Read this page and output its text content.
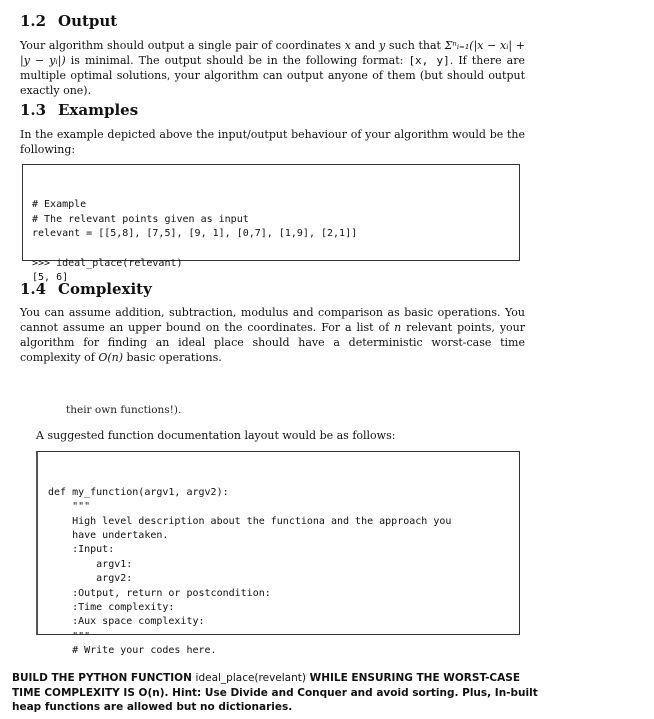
1.2 Output
Your algorithm should output a single pair of coordinates x and y such that Σⁿᵢ₌₁(|x − xᵢ| + |y − yᵢ|) is minimal. The output should be in the following format: [x, y]. If there are multiple optimal solutions, your algorithm can output anyone of them (but should output exactly one).
1.3 Examples
In the example depicted above the input/output behaviour of your algorithm would be the following:

# Example
# The relevant points given as input
relevant = [[5,8], [7,5], [9, 1], [0,7], [1,9], [2,1]]
>>> ideal_place(relevant)
[5, 6]

1.4 Complexity
You can assume addition, subtraction, modulus and comparison as basic operations. You cannot assume an upper bound on the coordinates. For a list of n relevant points, your algorithm for finding an ideal place should have a deterministic worst-case time complexity of O(n) basic operations.
their own functions!).
A suggested function documentation layout would be as follows:

def my_function(argv1, argv2):
"""
High level description about the functiona and the approach you
have undertaken.
:Input:
argv1:
argv2:
:Output, return or postcondition:
:Time complexity:
:Aux space complexity:
"""
# Write your codes here.

BUILD THE PYTHON FUNCTION ideal_place(revelant) WHILE ENSURING THE WORST-CASE TIME COMPLEXITY IS O(n). Hint: Use Divide and Conquer and avoid sorting. Plus, In-built heap functions are allowed but no dictionaries.
